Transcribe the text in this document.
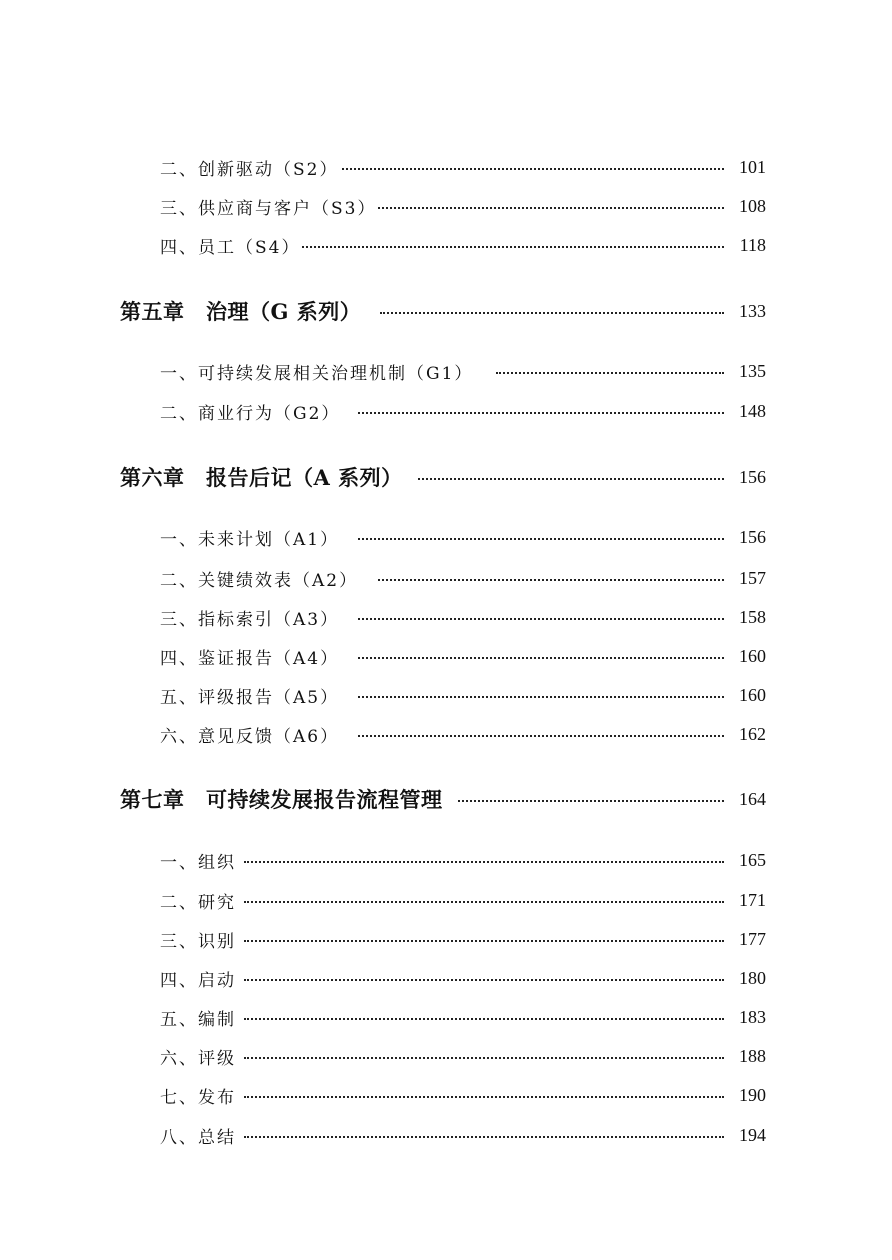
二、创新驱动（S2）	101
三、供应商与客户（S3）	108
四、员工（S4）	118
第五章　治理（G 系列）	133
一、可持续发展相关治理机制（G1）	135
二、商业行为（G2）	148
第六章　报告后记（A 系列）	156
一、未来计划（A1）	156
二、关键绩效表（A2）	157
三、指标索引（A3）	158
四、鉴证报告（A4）	160
五、评级报告（A5）	160
六、意见反馈（A6）	162
第七章　可持续发展报告流程管理	164
一、组织	165
二、研究	171
三、识别	177
四、启动	180
五、编制	183
六、评级	188
七、发布	190
八、总结	194
